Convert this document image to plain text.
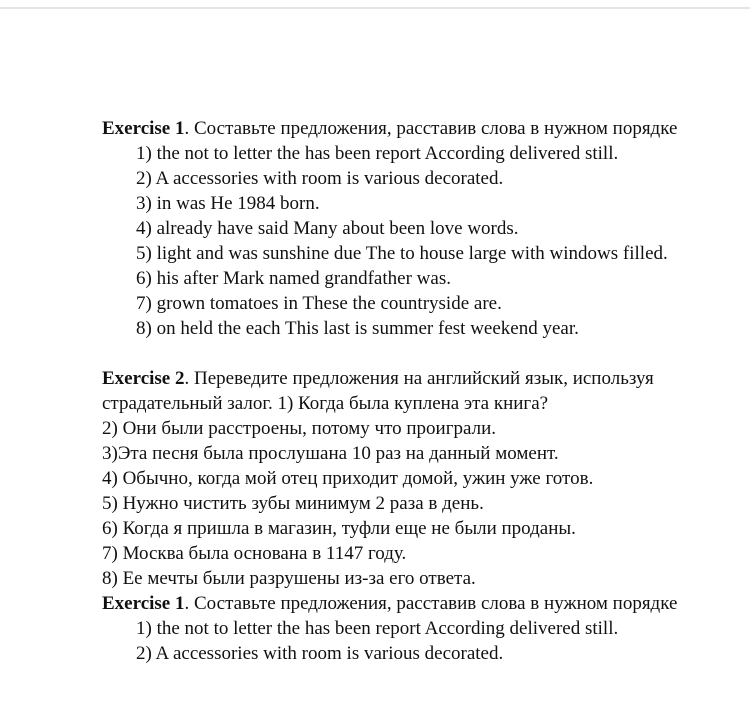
Exercise 1. Составьте предложения, расставив слова в нужном порядке
1) the not to letter the has been report According delivered still.
2) A accessories with room is various decorated.
3) in was He 1984 born.
4) already have said Many about been love words.
5) light and was sunshine due The to house large with windows filled.
6) his after Mark named grandfather was.
7) grown tomatoes in These the countryside are.
8) on held the each This last is summer fest weekend year.
Exercise 2. Переведите предложения на английский язык, используя страдательный залог. 1) Когда была куплена эта книга?
2) Они были расстроены, потому что проиграли.
3)Эта песня была прослушана 10 раз на данный момент.
4) Обычно, когда мой отец приходит домой, ужин уже готов.
5) Нужно чистить зубы минимум 2 раза в день.
6) Когда я пришла в магазин, туфли еще не были проданы.
7) Москва была основана в 1147 году.
8) Ее мечты были разрушены из-за его ответа.
Exercise 1. Составьте предложения, расставив слова в нужном порядке
1) the not to letter the has been report According delivered still.
2) A accessories with room is various decorated.
